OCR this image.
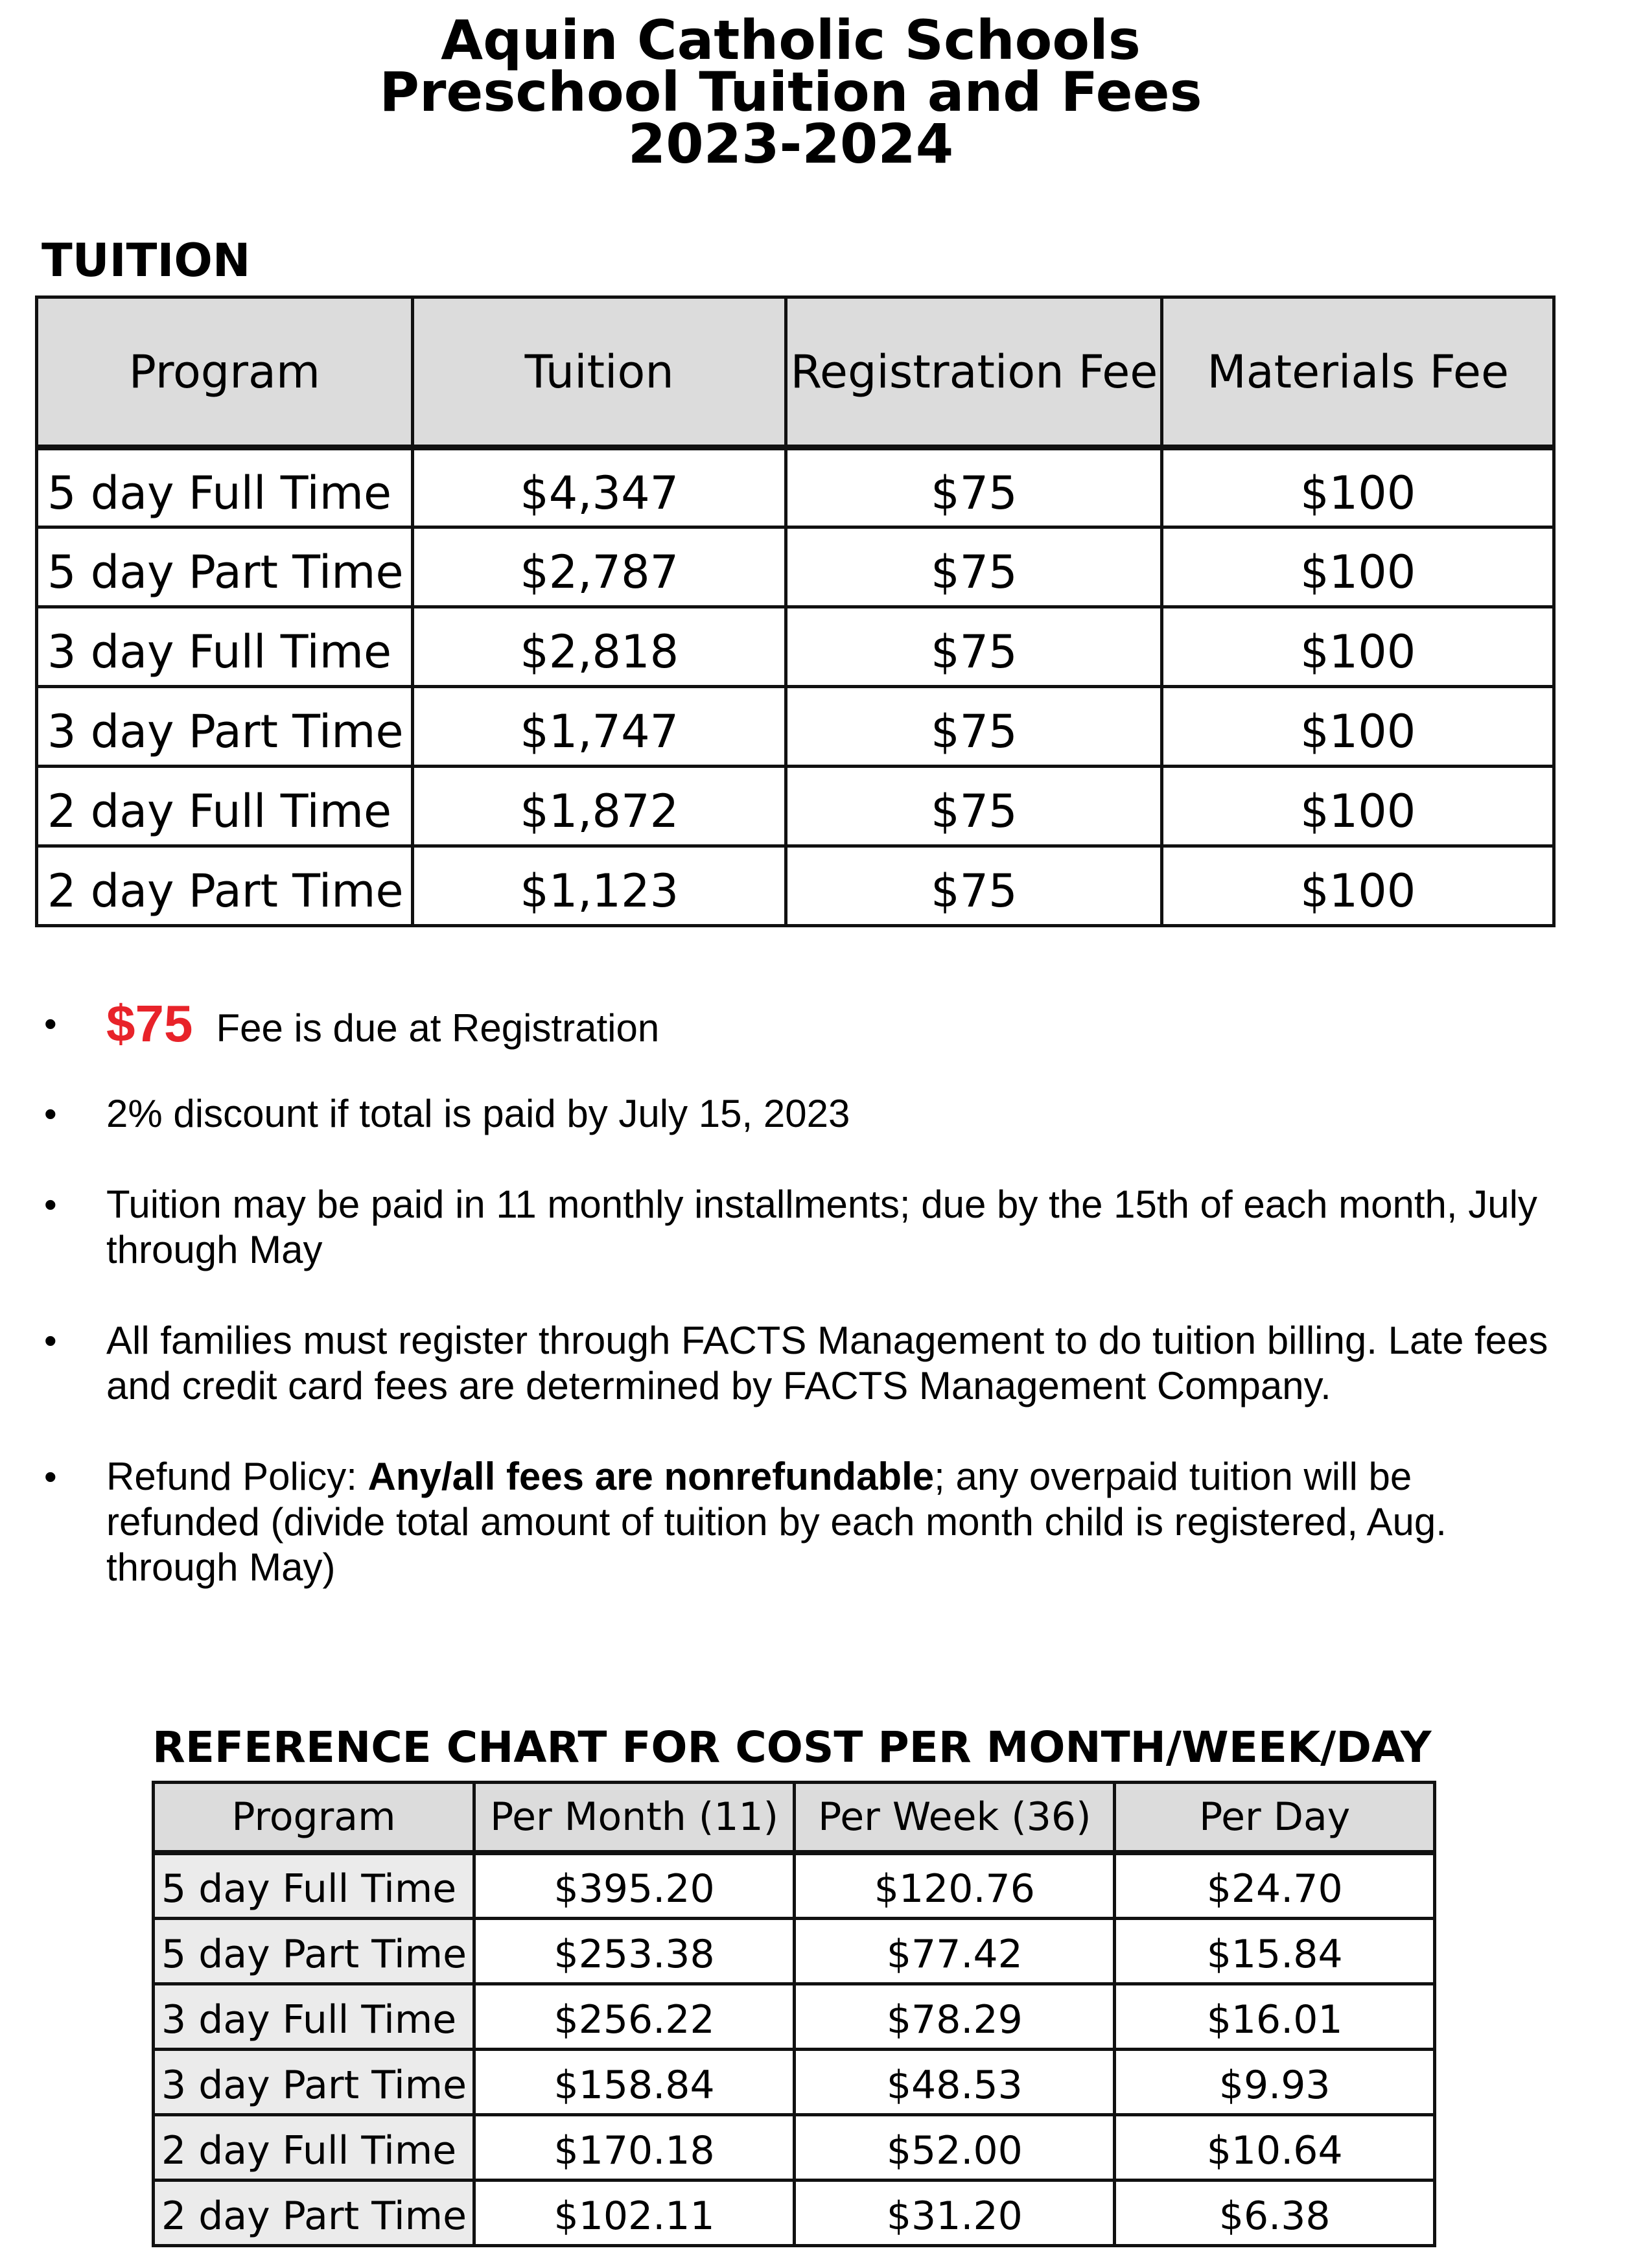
Aquin Catholic Schools
Preschool Tuition and Fees
2023-2024
TUITION
Program	Tuition	Registration Fee	Materials Fee
5 day Full Time	$4,347	$75	$100
5 day Part Time	$2,787	$75	$100
3 day Full Time	$2,818	$75	$100
3 day Part Time	$1,747	$75	$100
2 day Full Time	$1,872	$75	$100
2 day Part Time	$1,123	$75	$100
• $75 Fee is due at Registration
• 2% discount if total is paid by July 15, 2023
• Tuition may be paid in 11 monthly installments; due by the 15th of each month, July through May
• All families must register through FACTS Management to do tuition billing. Late fees and credit card fees are determined by FACTS Management Company.
• Refund Policy: Any/all fees are nonrefundable; any overpaid tuition will be refunded (divide total amount of tuition by each month child is registered, Aug. through May)
REFERENCE CHART FOR COST PER MONTH/WEEK/DAY
Program	Per Month (11)	Per Week (36)	Per Day
5 day Full Time	$395.20	$120.76	$24.70
5 day Part Time	$253.38	$77.42	$15.84
3 day Full Time	$256.22	$78.29	$16.01
3 day Part Time	$158.84	$48.53	$9.93
2 day Full Time	$170.18	$52.00	$10.64
2 day Part Time	$102.11	$31.20	$6.38
